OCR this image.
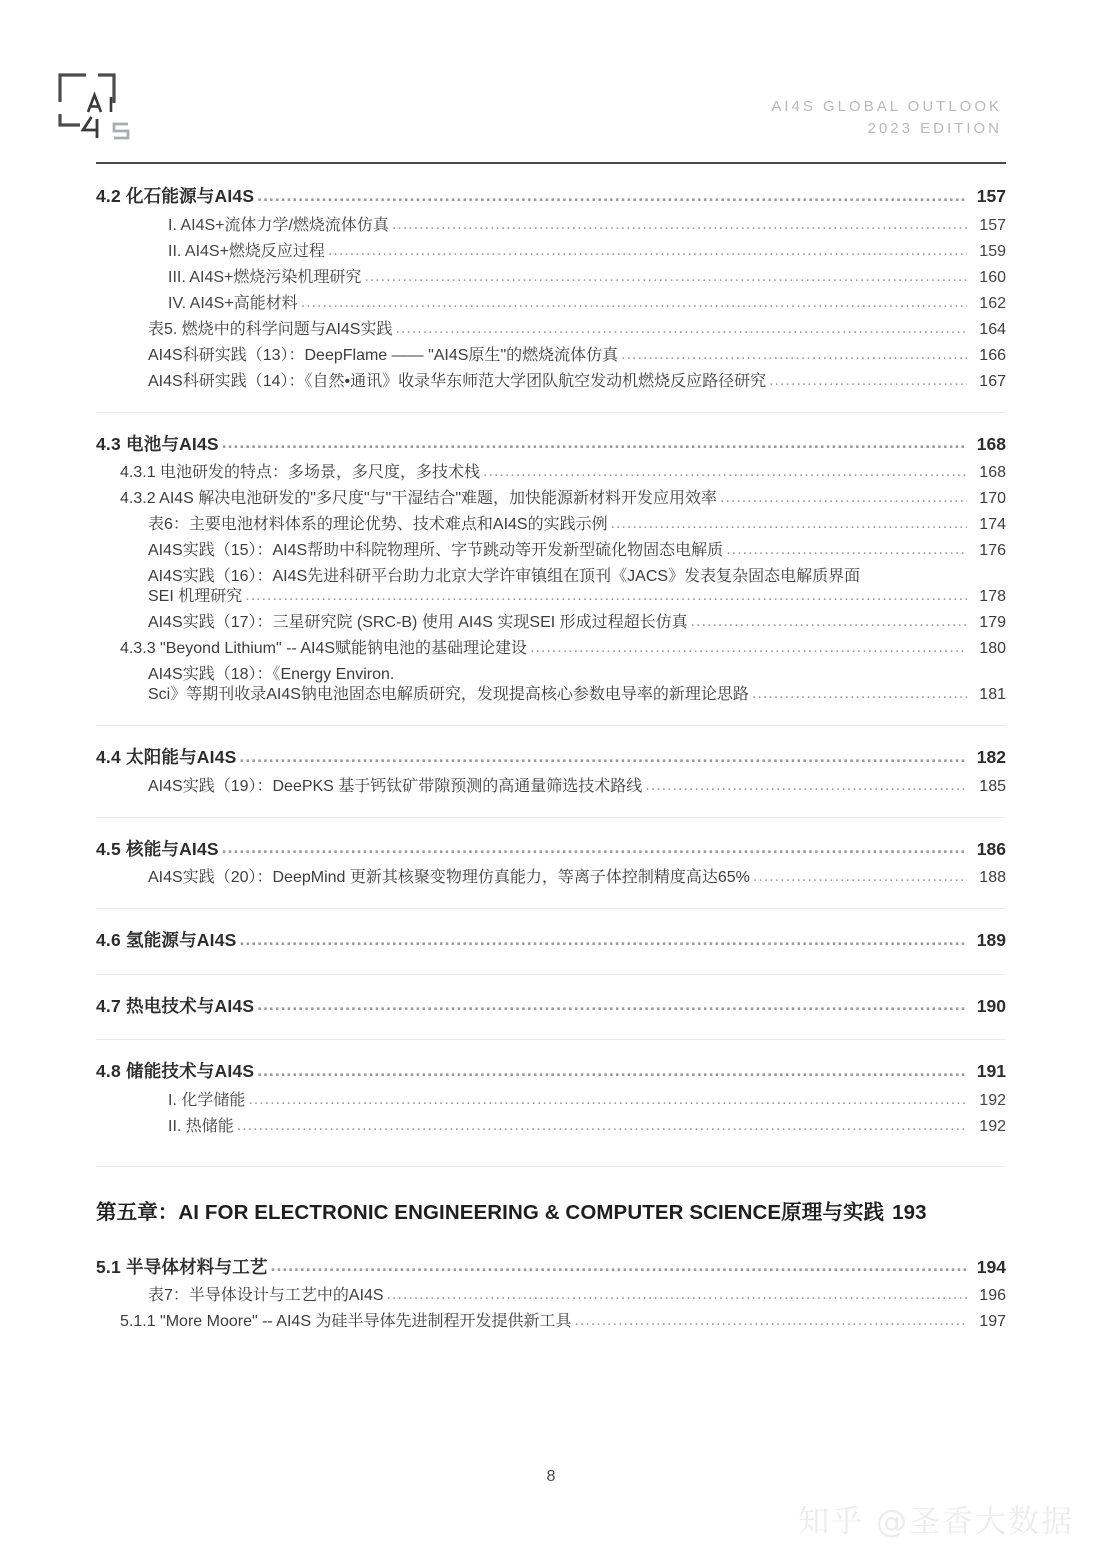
AI4S GLOBAL OUTLOOK
2023 EDITION
4.2 化石能源与AI4S .....	157
I. AI4S+流体力学/燃烧流体仿真 .....	157
II. AI4S+燃烧反应过程 .....	159
III. AI4S+燃烧污染机理研究 .....	160
IV. AI4S+高能材料 .....	162
表5. 燃烧中的科学问题与AI4S实践 .....	164
AI4S科研实践（13）：DeepFlame —— "AI4S原生"的燃烧流体仿真 .....	166
AI4S科研实践（14）：《自然•通讯》收录华东师范大学团队航空发动机燃烧反应路径研究 .....	167
4.3 电池与AI4S .....	168
4.3.1 电池研发的特点：多场景，多尺度，多技术栈 .....	168
4.3.2 AI4S 解决电池研发的"多尺度"与"干湿结合"难题，加快能源新材料开发应用效率 .....	170
表6：主要电池材料体系的理论优势、技术难点和AI4S的实践示例 .....	174
AI4S实践（15）：AI4S帮助中科院物理所、字节跳动等开发新型硫化物固态电解质 .....	176
AI4S实践（16）：AI4S先进科研平台助力北京大学许审镇组在顶刊《JACS》发表复杂固态电解质界面
SEI 机理研究 .....	178
AI4S实践（17）：三星研究院 (SRC-B) 使用 AI4S 实现SEI 形成过程超长仿真 .....	179
4.3.3 "Beyond Lithium" -- AI4S赋能钠电池的基础理论建设 .....	180
AI4S实践（18）：《Energy Environ.
Sci》等期刊收录AI4S钠电池固态电解质研究，发现提高核心参数电导率的新理论思路 .....	181
4.4 太阳能与AI4S .....	182
AI4S实践（19）：DeePKS 基于钙钛矿带隙预测的高通量筛选技术路线 .....	185
4.5 核能与AI4S .....	186
AI4S实践（20）：DeepMind 更新其核聚变物理仿真能力，等离子体控制精度高达65% .....	188
4.6 氢能源与AI4S .....	189
4.7 热电技术与AI4S .....	190
4.8 储能技术与AI4S .....	191
I. 化学储能 .....	192
II. 热储能 .....	192
第五章：AI FOR ELECTRONIC ENGINEERING & COMPUTER SCIENCE原理与实践 193
5.1 半导体材料与工艺 .....	194
表7：半导体设计与工艺中的AI4S .....	196
5.1.1 "More Moore" -- AI4S 为硅半导体先进制程开发提供新工具 .....	197
8
知乎 @圣香大数据
